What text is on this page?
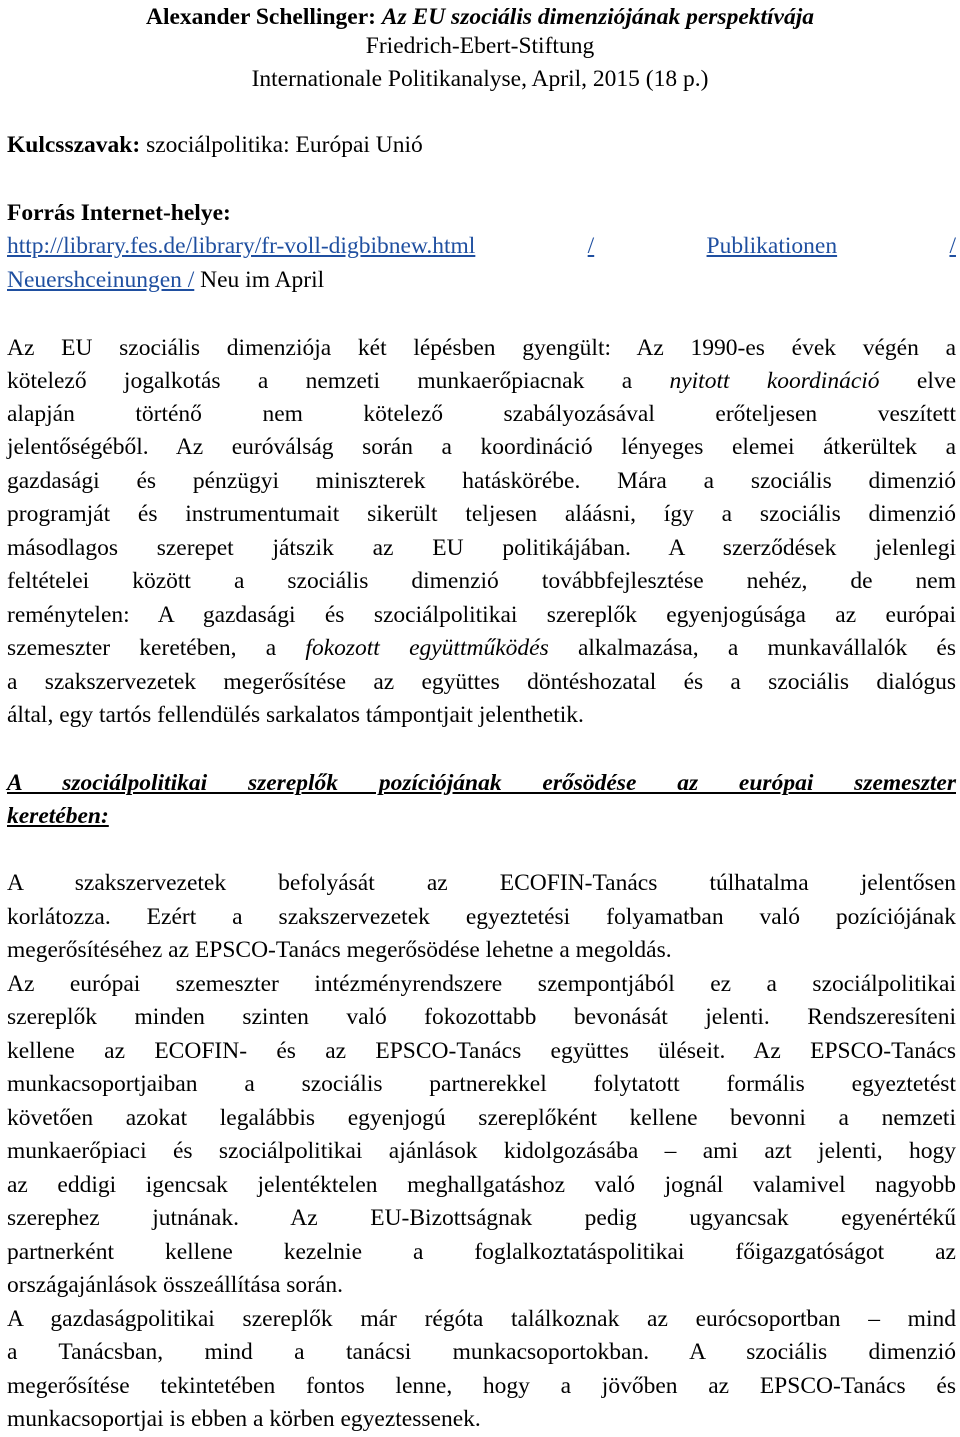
Alexander Schellinger: Az EU szociális dimenziójának perspektívája
Friedrich-Ebert-Stiftung
Internationale Politikanalyse, April, 2015 (18 p.)
Kulcsszavak: szociálpolitika: Európai Unió
Forrás Internet-helye:
http://library.fes.de/library/fr-voll-digbibnew.html	/	Publikationen	/
Neuershceinungen / Neu im April
Az EU szociális dimenziója két lépésben gyengült: Az 1990-es évek végén a
kötelező jogalkotás a nemzeti munkaerőpiacnak a nyitott koordináció elve
alapján történő nem kötelező szabályozásával erőteljesen veszített
jelentőségéből. Az euróválság során a koordináció lényeges elemei átkerültek a
gazdasági és pénzügyi miniszterek hatáskörébe. Mára a szociális dimenzió
programját és instrumentumait sikerült teljesen aláásni, így a szociális dimenzió
másodlagos szerepet játszik az EU politikájában. A szerződések jelenlegi
feltételei között a szociális dimenzió továbbfejlesztése nehéz, de nem
reménytelen: A gazdasági és szociálpolitikai szereplők egyenjogúsága az európai
szemeszter keretében, a fokozott együttműködés alkalmazása, a munkavállalók és
a szakszervezetek megerősítése az együttes döntéshozatal és a szociális dialógus
által, egy tartós fellendülés sarkalatos támpontjait jelenthetik.
A szociálpolitikai szereplők pozíciójának erősödése az európai szemeszter
keretében:
A szakszervezetek befolyását az ECOFIN-Tanács túlhatalma jelentősen
korlátozza. Ezért a szakszervezetek egyeztetési folyamatban való pozíciójának
megerősítéséhez az EPSCO-Tanács megerősödése lehetne a megoldás.
Az európai szemeszter intézményrendszere szempontjából ez a szociálpolitikai
szereplők minden szinten való fokozottabb bevonását jelenti. Rendszeresíteni
kellene az ECOFIN- és az EPSCO-Tanács együttes üléseit. Az EPSCO-Tanács
munkacsoportjaiban a szociális partnerekkel folytatott formális egyeztetést
követően azokat legalábbis egyenjogú szereplőként kellene bevonni a nemzeti
munkaerőpiaci és szociálpolitikai ajánlások kidolgozásába – ami azt jelenti, hogy
az eddigi igencsak jelentéktelen meghallgatáshoz való jognál valamivel nagyobb
szerephez jutnának. Az EU-Bizottságnak pedig ugyancsak egyenértékű
partnerként kellene kezelnie a foglalkoztatáspolitikai főigazgatóságot az
országajánlások összeállítása során.
A gazdaságpolitikai szereplők már régóta találkoznak az eurócsoportban – mind
a Tanácsban, mind a tanácsi munkacsoportokban. A szociális dimenzió
megerősítése tekintetében fontos lenne, hogy a jövőben az EPSCO-Tanács és
munkacsoportjai is ebben a körben egyeztessenek.
